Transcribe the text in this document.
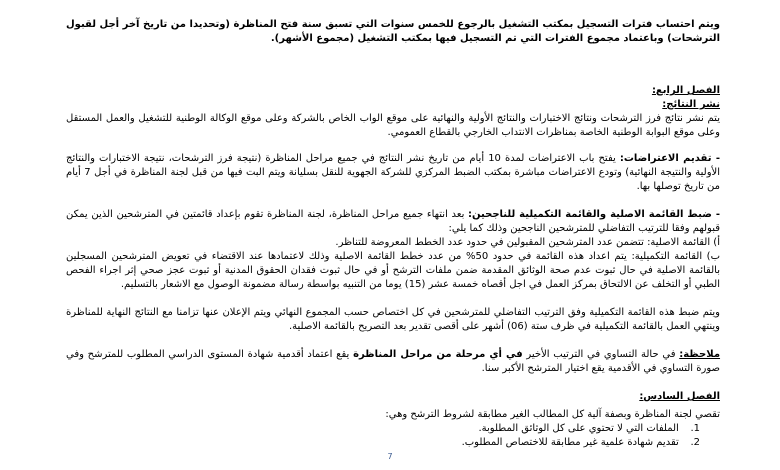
ويتم احتساب فترات التسجيل بمكتب التشغيل بالرجوع للخمس سنوات التي تسبق سنة فتح المناظرة (وتحديدا من تاريخ آخر أجل لقبول الترشحات) وباعتماد مجموع الفترات التي تم التسجيل فيها بمكتب التشغيل (مجموع الأشهر).

الفصل الرابع:

نشر النتائج:

يتم نشر نتائج فرز الترشحات ونتائج الاختبارات والنتائج الأولية والنهائية على موقع الواب الخاص بالشركة وعلى موقع الوكالة الوطنية للتشغيل والعمل المستقل وعلى موقع البوابة الوطنية الخاصة بمناظرات الانتداب الخارجي بالقطاع العمومي.

- تقديم الاعتراضات: يفتح باب الاعتراضات لمدة 10 أيام من تاريخ نشر النتائج في جميع مراحل المناظرة (نتيجة فرز الترشحات، نتيجة الاختبارات والنتائج الأولية والنتيجة النهائية) وتودع الاعتراضات مباشرة بمكتب الضبط المركزي للشركة الجهوية للنقل بسليانة ويتم البت فيها من قبل لجنة المناظرة في أجل 7 أيام من تاريخ توصلها بها.

- ضبط القائمة الاصلية والقائمة التكميلية للناجحين: بعد انتهاء جميع مراحل المناظرة، لجنة المناظرة تقوم بإعداد قائمتين في المترشحين الذين يمكن قبولهم وفقا للترتيب التفاضلي للمترشحين الناجحين وذلك كما يلي:

أ) القائمة الاصلية: تتضمن عدد المترشحين المقبولين في حدود عدد الخطط المعروضة للتناظر.

ب) القائمة التكميلية: يتم اعداد هذه القائمة في حدود 50% من عدد خطط القائمة الاصلية وذلك لاعتمادها عند الاقتضاء في تعويض المترشحين المسجلين بالقائمة الاصلية في حال ثبوت عدم صحة الوثائق المقدمة ضمن ملفات الترشح أو في حال ثبوت فقدان الحقوق المدنية أو ثبوت عجز صحي إثر اجراء الفحص الطبي أو التخلف عن الالتحاق بمركز العمل في اجل أقصاه خمسة عشر (15) يوما من التنبيه بواسطة رسالة مضمونة الوصول مع الاشعار بالتسليم.

ويتم ضبط هذه القائمة التكميلية وفق الترتيب التفاضلي للمترشحين في كل اختصاص حسب المجموع النهائي ويتم الإعلان عنها تزامنا مع النتائج النهاية للمناظرة وينتهي العمل بالقائمة التكميلية في ظرف ستة (06) أشهر على أقصى تقدير بعد التصريح بالقائمة الاصلية.

ملاحظة: في حالة التساوي في الترتيب الأخير في أي مرحلة من مراحل المناظرة يقع اعتماد أقدمية شهادة المستوى الدراسي المطلوب للمترشح وفي صورة التساوي في الأقدمية يقع اختيار المترشح الأكبر سنا.

الفصل السادس:

تقصي لجنة المناظرة وبصفة آلية كل المطالب الغير مطابقة لشروط الترشح وهي:

1. الملفات التي لا تحتوي على كل الوثائق المطلوبة.
2. تقديم شهادة علمية غير مطابقة للاختصاص المطلوب.
7
